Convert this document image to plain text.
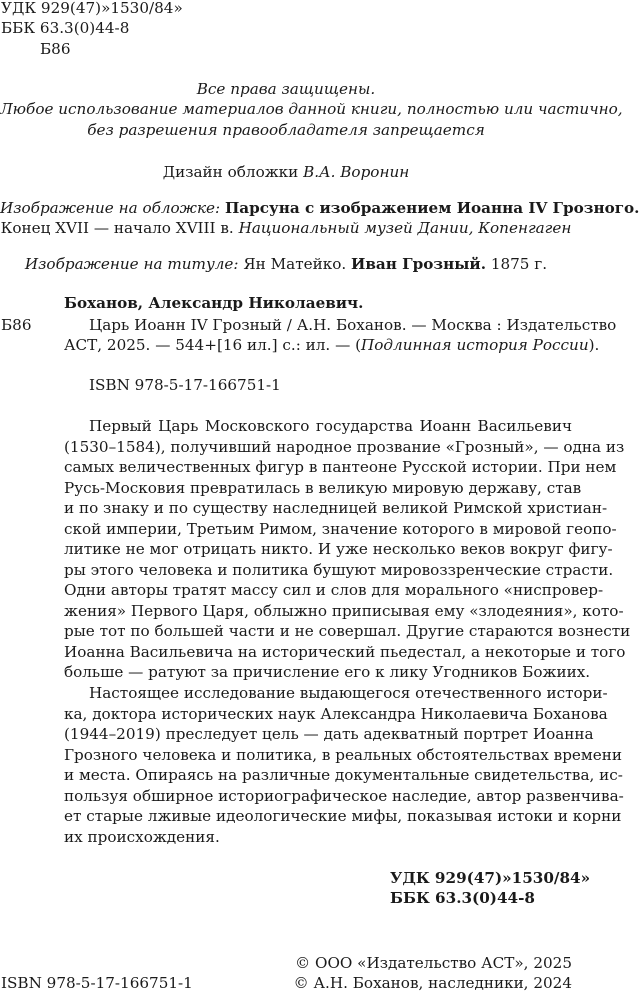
УДК 929(47)»1530/84»
ББК 63.3(0)44-8
Б86
Все права защищены.
Любое использование материалов данной книги, полностью или частично,
без разрешения правообладателя запрещается
Дизайн обложки В.А. Воронин
Изображение на обложке: Парсуна с изображением Иоанна IV Грозного.
Конец XVII — начало XVIII в. Национальный музей Дании, Копенгаген
Изображение на титуле: Ян Матейко. Иван Грозный. 1875 г.
Боханов, Александр Николаевич.
Б86	Царь Иоанн IV Грозный / А.Н. Боханов. — Москва : Издательство
АСТ, 2025. — 544+[16 ил.] с.: ил. — (Подлинная история России).
ISBN 978-5-17-166751-1
Первый Царь Московского государства Иоанн Васильевич
(1530–1584), получивший народное прозвание «Грозный», — одна из
самых величественных фигур в пантеоне Русской истории. При нем
Русь-Московия превратилась в великую мировую державу, став
и по знаку и по существу наследницей великой Римской христиан-
ской империи, Третьим Римом, значение которого в мировой геопо-
литике не мог отрицать никто. И уже несколько веков вокруг фигу-
ры этого человека и политика бушуют мировоззренческие страсти.
Одни авторы тратят массу сил и слов для морального «ниспровер-
жения» Первого Царя, облыжно приписывая ему «злодеяния», кото-
рые тот по большей части и не совершал. Другие стараются вознести
Иоанна Васильевича на исторический пьедестал, а некоторые и того
больше — ратуют за причисление его к лику Угодников Божиих.
Настоящее исследование выдающегося отечественного истори-
ка, доктора исторических наук Александра Николаевича Боханова
(1944–2019) преследует цель — дать адекватный портрет Иоанна
Грозного человека и политика, в реальных обстоятельствах времени
и места. Опираясь на различные документальные свидетельства, ис-
пользуя обширное историографическое наследие, автор развенчива-
ет старые лживые идеологические мифы, показывая истоки и корни
их происхождения.
УДК 929(47)»1530/84»
ББК 63.3(0)44-8
ISBN 978-5-17-166751-1
© ООО «Издательство АСТ», 2025
© А.Н. Боханов, наследники, 2024
